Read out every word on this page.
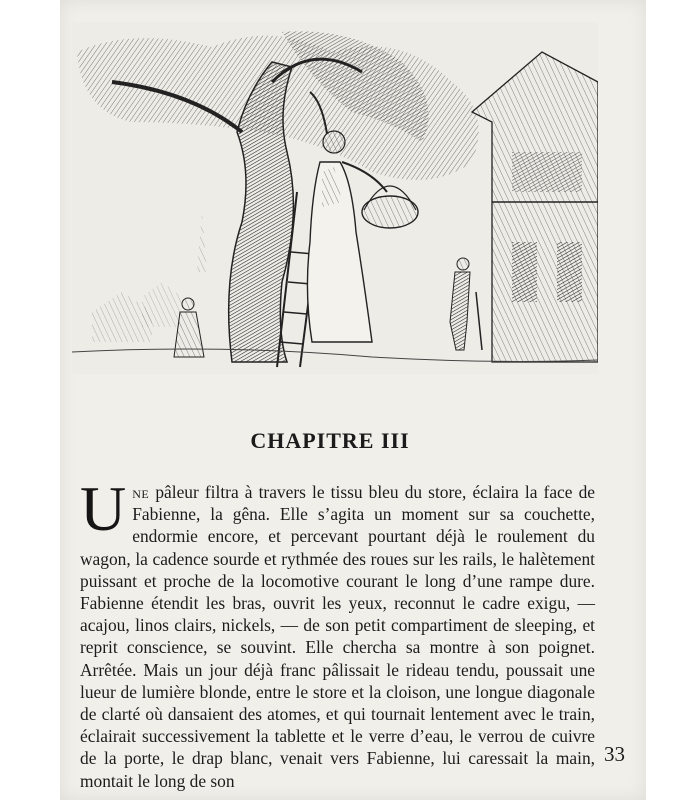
CHAPITRE III
Une pâleur filtra à travers le tissu bleu du store, éclaira la face de Fabienne, la gêna. Elle s’agita un moment sur sa couchette, endormie encore, et percevant pourtant déjà le roulement du wagon, la cadence sourde et rythmée des roues sur les rails, le halètement puissant et proche de la locomotive courant le long d’une rampe dure. Fabienne étendit les bras, ouvrit les yeux, reconnut le cadre exigu, — acajou, linos clairs, nickels, — de son petit compartiment de sleeping, et reprit conscience, se souvint. Elle chercha sa montre à son poignet. Arrêtée. Mais un jour déjà franc pâlissait le rideau tendu, poussait une lueur de lumière blonde, entre le store et la cloison, une longue diagonale de clarté où dansaient des atomes, et qui tournait lentement avec le train, éclairait successivement la tablette et le verre d’eau, le verrou de cuivre de la porte, le drap blanc, venait vers Fabienne, lui caressait la main, montait le long de son
33
